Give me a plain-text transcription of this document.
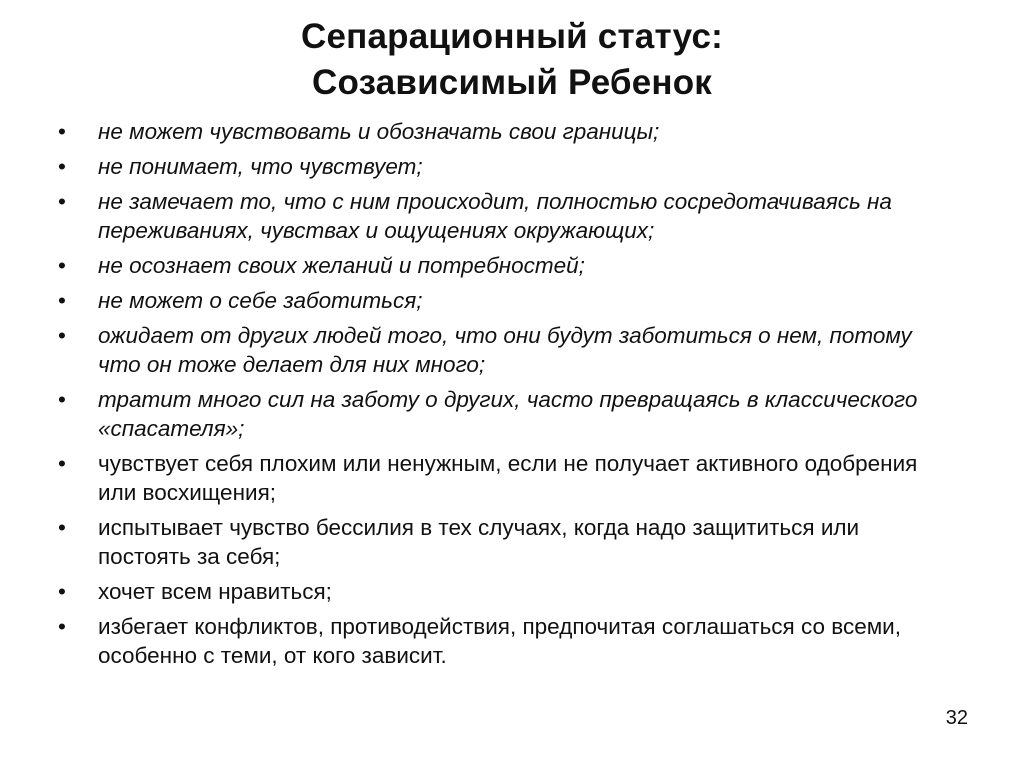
Сепарационный статус:
Созависимый Ребенок
•	не может чувствовать и обозначать свои границы;
•	не понимает, что чувствует;
•	не замечает то, что с ним происходит, полностью сосредотачиваясь на переживаниях, чувствах и ощущениях окружающих;
•	не осознает своих желаний и потребностей;
•	не может о себе заботиться;
•	ожидает от других людей того, что они будут заботиться о нем, потому что он тоже делает для них много;
•	тратит много сил на заботу о других, часто превращаясь в классического «спасателя»;
•	чувствует себя плохим или ненужным, если не получает активного одобрения или восхищения;
•	испытывает чувство бессилия в тех случаях, когда надо защититься или постоять за себя;
•	хочет всем нравиться;
•	избегает конфликтов, противодействия, предпочитая соглашаться со всеми, особенно с теми, от кого зависит.
32
